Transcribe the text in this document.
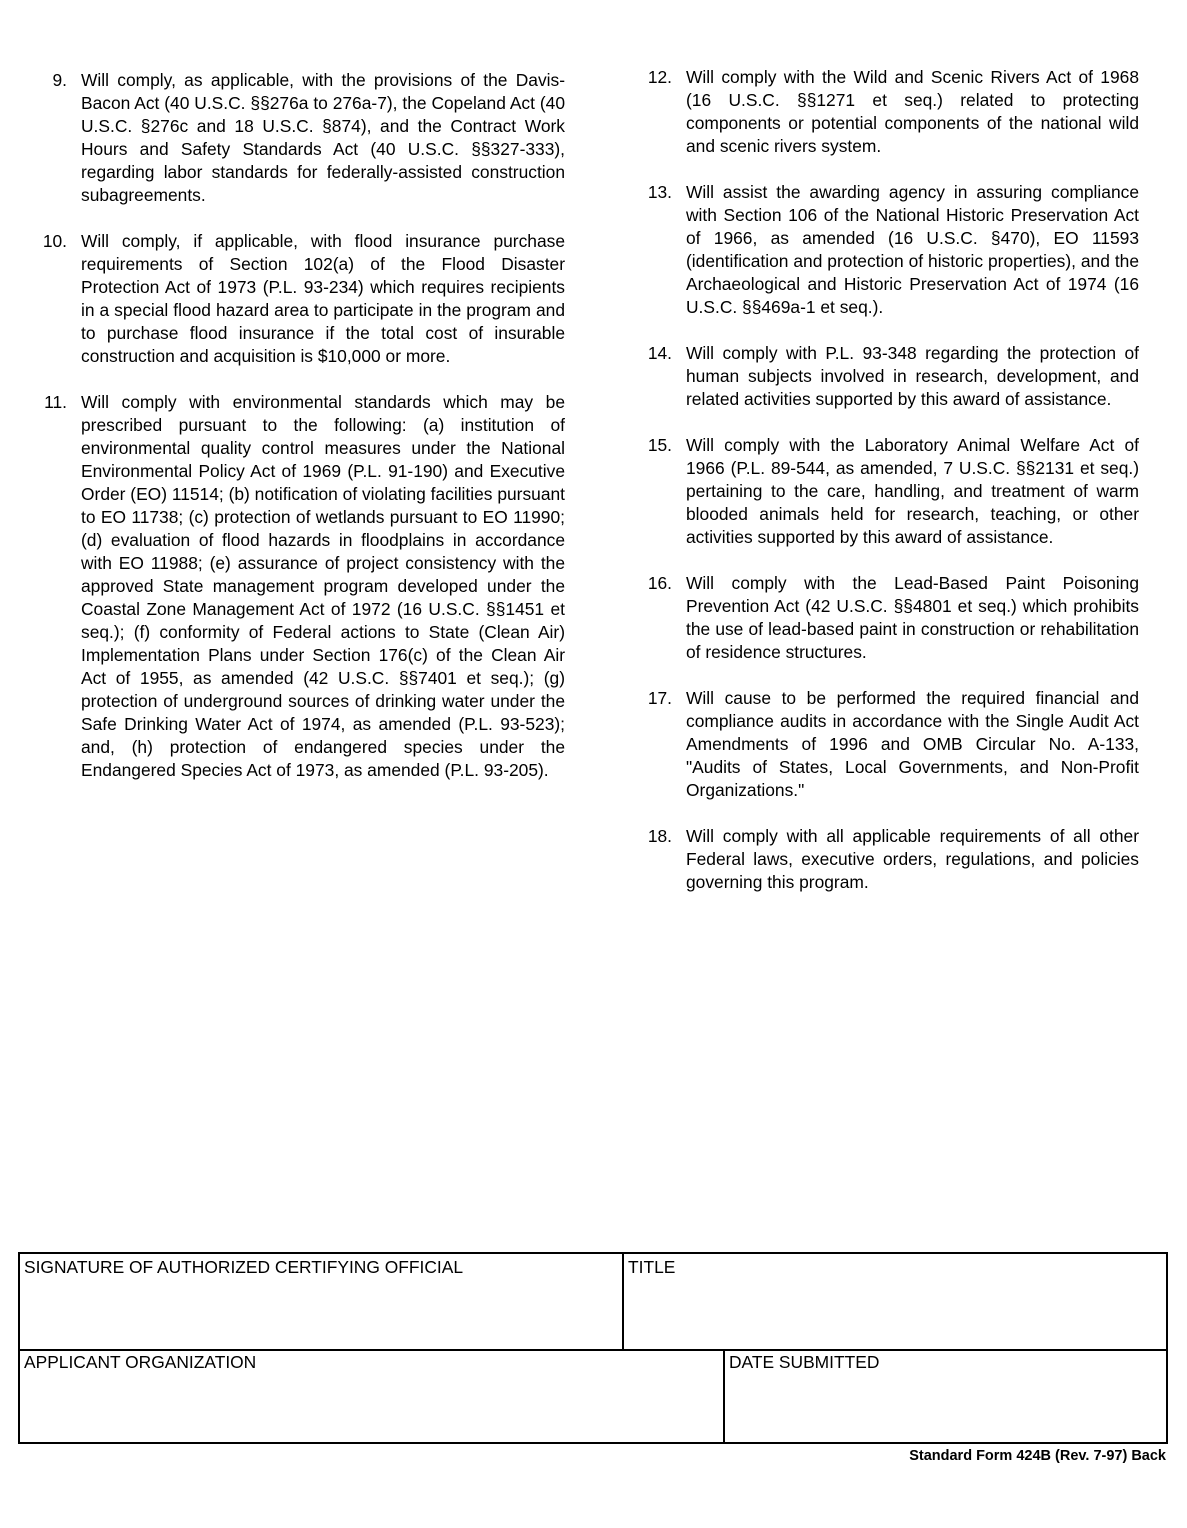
9. Will comply, as applicable, with the provisions of the Davis-Bacon Act (40 U.S.C. §§276a to 276a-7), the Copeland Act (40 U.S.C. §276c and 18 U.S.C. §874), and the Contract Work Hours and Safety Standards Act (40 U.S.C. §§327-333), regarding labor standards for federally-assisted construction subagreements.
10. Will comply, if applicable, with flood insurance purchase requirements of Section 102(a) of the Flood Disaster Protection Act of 1973 (P.L. 93-234) which requires recipients in a special flood hazard area to participate in the program and to purchase flood insurance if the total cost of insurable construction and acquisition is $10,000 or more.
11. Will comply with environmental standards which may be prescribed pursuant to the following: (a) institution of environmental quality control measures under the National Environmental Policy Act of 1969 (P.L. 91-190) and Executive Order (EO) 11514; (b) notification of violating facilities pursuant to EO 11738; (c) protection of wetlands pursuant to EO 11990; (d) evaluation of flood hazards in floodplains in accordance with EO 11988; (e) assurance of project consistency with the approved State management program developed under the Coastal Zone Management Act of 1972 (16 U.S.C. §§1451 et seq.); (f) conformity of Federal actions to State (Clean Air) Implementation Plans under Section 176(c) of the Clean Air Act of 1955, as amended (42 U.S.C. §§7401 et seq.); (g) protection of underground sources of drinking water under the Safe Drinking Water Act of 1974, as amended (P.L. 93-523); and, (h) protection of endangered species under the Endangered Species Act of 1973, as amended (P.L. 93-205).
12. Will comply with the Wild and Scenic Rivers Act of 1968 (16 U.S.C. §§1271 et seq.) related to protecting components or potential components of the national wild and scenic rivers system.
13. Will assist the awarding agency in assuring compliance with Section 106 of the National Historic Preservation Act of 1966, as amended (16 U.S.C. §470), EO 11593 (identification and protection of historic properties), and the Archaeological and Historic Preservation Act of 1974 (16 U.S.C. §§469a-1 et seq.).
14. Will comply with P.L. 93-348 regarding the protection of human subjects involved in research, development, and related activities supported by this award of assistance.
15. Will comply with the Laboratory Animal Welfare Act of 1966 (P.L. 89-544, as amended, 7 U.S.C. §§2131 et seq.) pertaining to the care, handling, and treatment of warm blooded animals held for research, teaching, or other activities supported by this award of assistance.
16. Will comply with the Lead-Based Paint Poisoning Prevention Act (42 U.S.C. §§4801 et seq.) which prohibits the use of lead-based paint in construction or rehabilitation of residence structures.
17. Will cause to be performed the required financial and compliance audits in accordance with the Single Audit Act Amendments of 1996 and OMB Circular No. A-133, "Audits of States, Local Governments, and Non-Profit Organizations."
18. Will comply with all applicable requirements of all other Federal laws, executive orders, regulations, and policies governing this program.
SIGNATURE OF AUTHORIZED CERTIFYING OFFICIAL	TITLE
APPLICANT ORGANIZATION	DATE SUBMITTED
Standard Form 424B (Rev. 7-97) Back
